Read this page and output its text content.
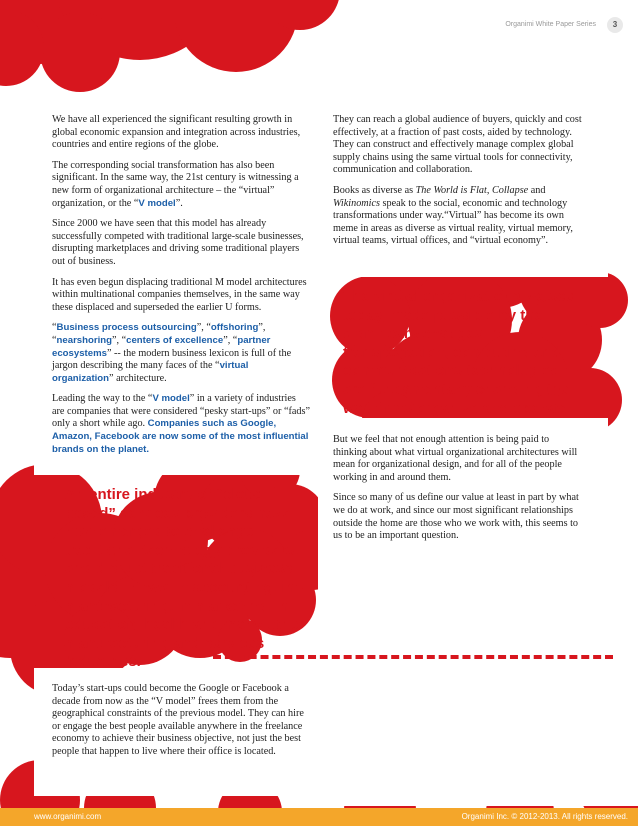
Organimi White Paper Series	3

We have all experienced the significant resulting growth in global economic expansion and integration across industries, countries and entire regions of the globe.

The corresponding social transformation has also been significant. In the same way, the 21st century is witnessing a new form of organizational architecture – the “virtual” organization, or the “V model”.

Since 2000 we have seen that this model has already successfully competed with traditional large-scale businesses, disrupting marketplaces and driving some traditional players out of business.

It has even begun displacing traditional M model architectures within multinational companies themselves, in the same way these displaced and superseded the earlier U forms.

“Business process outsourcing”, “offshoring”, “nearshoring”, “centers of excellence”, “partner ecosystems” -- the modern business lexicon is full of the jargon describing the many faces of the “virtual organization” architecture.

Leading the way to the “V model” in a variety of industries are companies that were considered “pesky start-ups” or “fads” only a short while ago. Companies such as Google, Amazon, Facebook are now some of the most influential brands on the planet.

An entire industry of “cloud based” services providers have now emerged to challenge traditional technology providers, and disrupt traditional business models, in law, in accounting, in manufacturing, in marketing, in education, health and many other manufacturing and services industries.

Today’s start-ups could become the Google or Facebook a decade from now as the “V model” frees them from the geographical constraints of the previous model. They can hire or engage the best people available anywhere in the freelance economy to achieve their business objective, not just the best people that happen to live where their office is located.

They can reach a global audience of buyers, quickly and cost effectively, at a fraction of past costs, aided by technology. They can construct and effectively manage complex global supply chains using the same virtual tools for connectivity, communication and collaboration.

Books as diverse as The World is Flat, Collapse and Wikinomics speak to the social, economic and technology transformations under way.“Virtual” has become its own meme in areas as diverse as virtual reality, virtual memory, virtual teams, virtual offices, and “virtual economy”.

The virtual organizations we see today, made possible by the significant changes in transportation, computing and communications technologies, are fundamentally changing the way firms organize and operate.

But we feel that not enough attention is being paid to thinking about what virtual organizational architectures will mean for organizational design, and for all of the people working in and around them.

Since so many of us define our value at least in part by what we do at work, and since our most significant relationships outside the home are those who we work with, this seems to us to be an important question.

www.organimi.com	Organimi Inc. © 2012-2013. All rights reserved.
